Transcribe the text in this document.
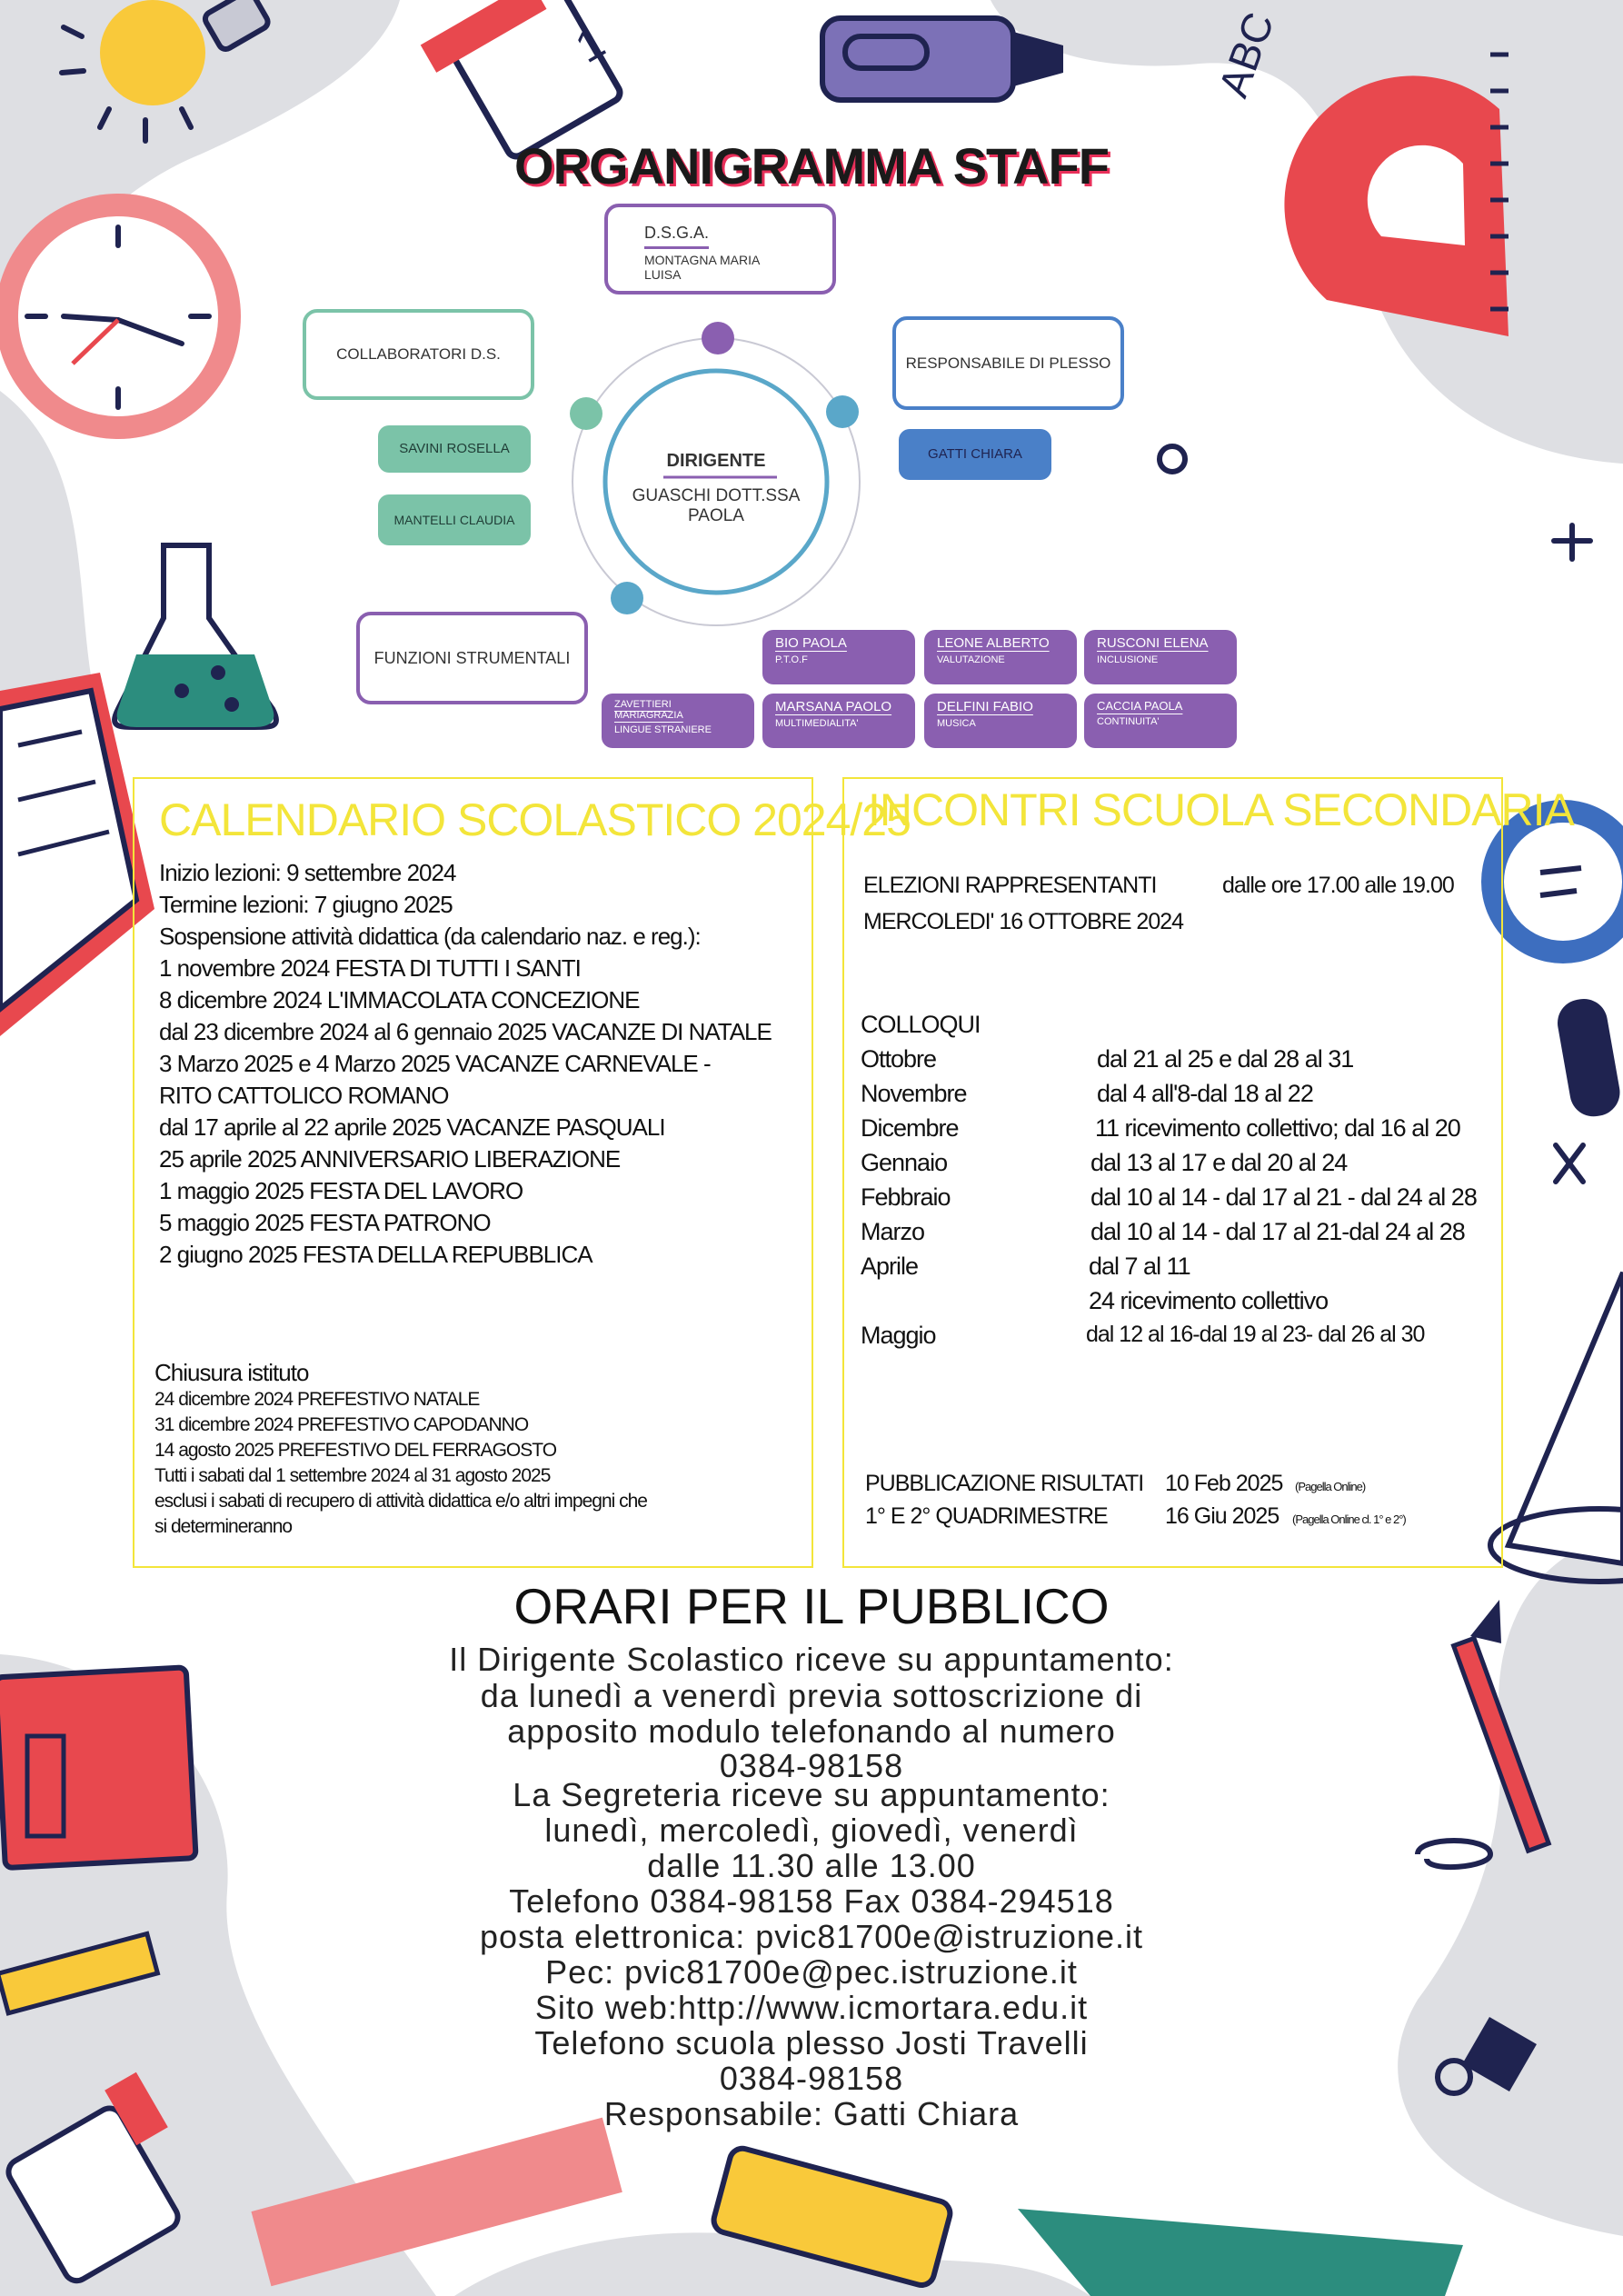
1	ABC
ORGANIGRAMMA STAFF
DIRIGENTE
GUASCHI DOTT.SSA PAOLA
D.S.G.A.
MONTAGNA MARIA LUISA
COLLABORATORI D.S.
SAVINI ROSELLA
MANTELLI CLAUDIA
RESPONSABILE DI PLESSO
GATTI CHIARA
FUNZIONI STRUMENTALI
BIO PAOLA
P.T.O.F
LEONE ALBERTO
VALUTAZIONE
RUSCONI ELENA
INCLUSIONE
ZAVETTIERI MARIAGRAZIA
LINGUE STRANIERE
MARSANA PAOLO
MULTIMEDIALITA'
DELFINI FABIO
MUSICA
CACCIA PAOLA
CONTINUITA'
CALENDARIO SCOLASTICO 2024/25
Inizio lezioni: 9 settembre 2024
Termine lezioni: 7 giugno 2025
Sospensione attività didattica (da calendario naz. e reg.):
1 novembre 2024 FESTA DI TUTTI I SANTI
8 dicembre 2024 L'IMMACOLATA CONCEZIONE
dal 23 dicembre 2024 al 6 gennaio 2025 VACANZE DI NATALE
3 Marzo 2025 e 4 Marzo 2025 VACANZE CARNEVALE -
RITO CATTOLICO ROMANO
dal 17 aprile al 22 aprile 2025 VACANZE PASQUALI
25 aprile 2025 ANNIVERSARIO LIBERAZIONE
1 maggio 2025 FESTA DEL LAVORO
5 maggio 2025 FESTA PATRONO
2 giugno 2025 FESTA DELLA REPUBBLICA
Chiusura istituto
24 dicembre 2024 PREFESTIVO NATALE
31 dicembre 2024 PREFESTIVO CAPODANNO
14 agosto 2025 PREFESTIVO DEL FERRAGOSTO
Tutti i sabati dal 1 settembre 2024 al 31 agosto 2025
esclusi i sabati di recupero di attività didattica e/o altri impegni che
si determineranno
INCONTRI SCUOLA SECONDARIA
ELEZIONI RAPPRESENTANTI	dalle ore 17.00 alle 19.00
MERCOLEDI' 16 OTTOBRE 2024
COLLOQUI
Ottobre	dal 21 al 25 e dal 28 al 31
Novembre	dal 4 all'8-dal 18 al 22
Dicembre	11 ricevimento collettivo; dal 16 al 20
Gennaio	dal 13 al 17 e dal 20 al 24
Febbraio	dal 10 al 14 - dal 17 al 21 - dal 24 al 28
Marzo	dal 10 al 14 - dal 17 al 21-dal 24 al 28
Aprile	dal 7 al 11
24 ricevimento collettivo
Maggio	dal 12 al 16-dal 19 al 23- dal 26 al 30
PUBBLICAZIONE RISULTATI 10 Feb 2025 (Pagella Online)
1° E 2° QUADRIMESTRE	16 Giu 2025 (Pagella Online cl. 1° e 2°)
ORARI PER IL PUBBLICO
Il Dirigente Scolastico riceve su appuntamento:
da lunedì a venerdì previa sottoscrizione di
apposito modulo telefonando al numero
0384-98158
La Segreteria riceve su appuntamento:
lunedì, mercoledì, giovedì, venerdì
dalle 11.30 alle 13.00
Telefono 0384-98158 Fax 0384-294518
posta elettronica: pvic81700e@istruzione.it
Pec: pvic81700e@pec.istruzione.it
Sito web:http://www.icmortara.edu.it
Telefono scuola plesso Josti Travelli
0384-98158
Responsabile: Gatti Chiara
